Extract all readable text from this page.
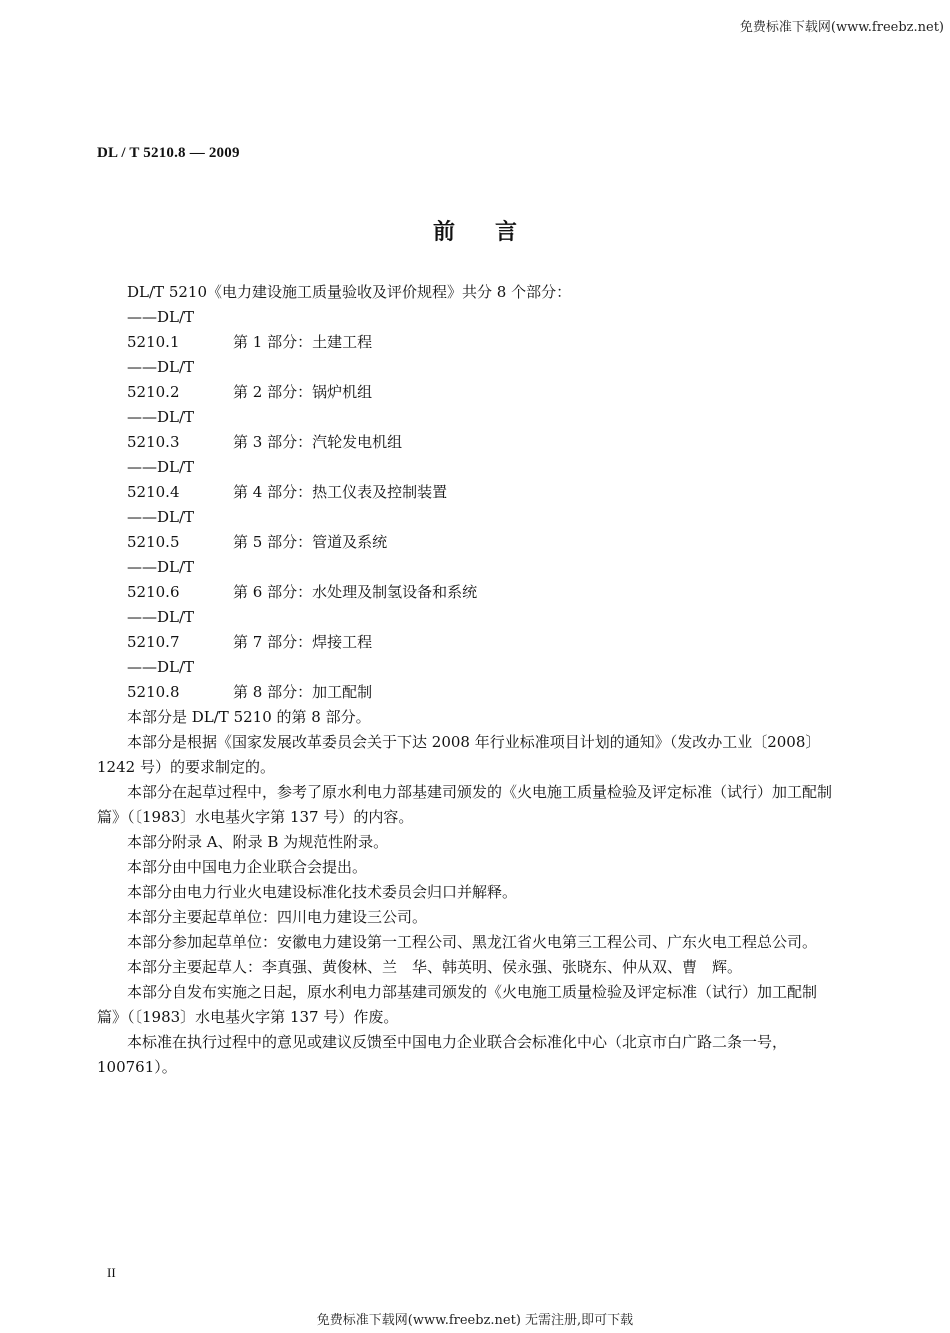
免费标准下载网(www.freebz.net)
DL / T 5210.8 — 2009
前言

DL/T 5210《电力建设施工质量验收及评价规程》共分 8 个部分：

——DL/T 5210.1	第 1 部分：土建工程

——DL/T 5210.2	第 2 部分：锅炉机组

——DL/T 5210.3	第 3 部分：汽轮发电机组

——DL/T 5210.4	第 4 部分：热工仪表及控制装置

——DL/T 5210.5	第 5 部分：管道及系统

——DL/T 5210.6	第 6 部分：水处理及制氢设备和系统

——DL/T 5210.7	第 7 部分：焊接工程

——DL/T 5210.8	第 8 部分：加工配制

本部分是 DL/T 5210 的第 8 部分。

本部分是根据《国家发展改革委员会关于下达 2008 年行业标准项目计划的通知》（发改办工业〔2008〕1242 号）的要求制定的。

本部分在起草过程中，参考了原水利电力部基建司颁发的《火电施工质量检验及评定标准（试行）加工配制篇》（〔1983〕水电基火字第 137 号）的内容。

本部分附录 A、附录 B 为规范性附录。

本部分由中国电力企业联合会提出。

本部分由电力行业火电建设标准化技术委员会归口并解释。

本部分主要起草单位：四川电力建设三公司。

本部分参加起草单位：安徽电力建设第一工程公司、黑龙江省火电第三工程公司、广东火电工程总公司。

本部分主要起草人：李真强、黄俊林、兰　华、韩英明、侯永强、张晓东、仲从双、曹　辉。

本部分自发布实施之日起，原水利电力部基建司颁发的《火电施工质量检验及评定标准（试行）加工配制篇》（〔1983〕水电基火字第 137 号）作废。

本标准在执行过程中的意见或建议反馈至中国电力企业联合会标准化中心（北京市白广路二条一号，100761）。

II
免费标准下载网(www.freebz.net) 无需注册,即可下载
